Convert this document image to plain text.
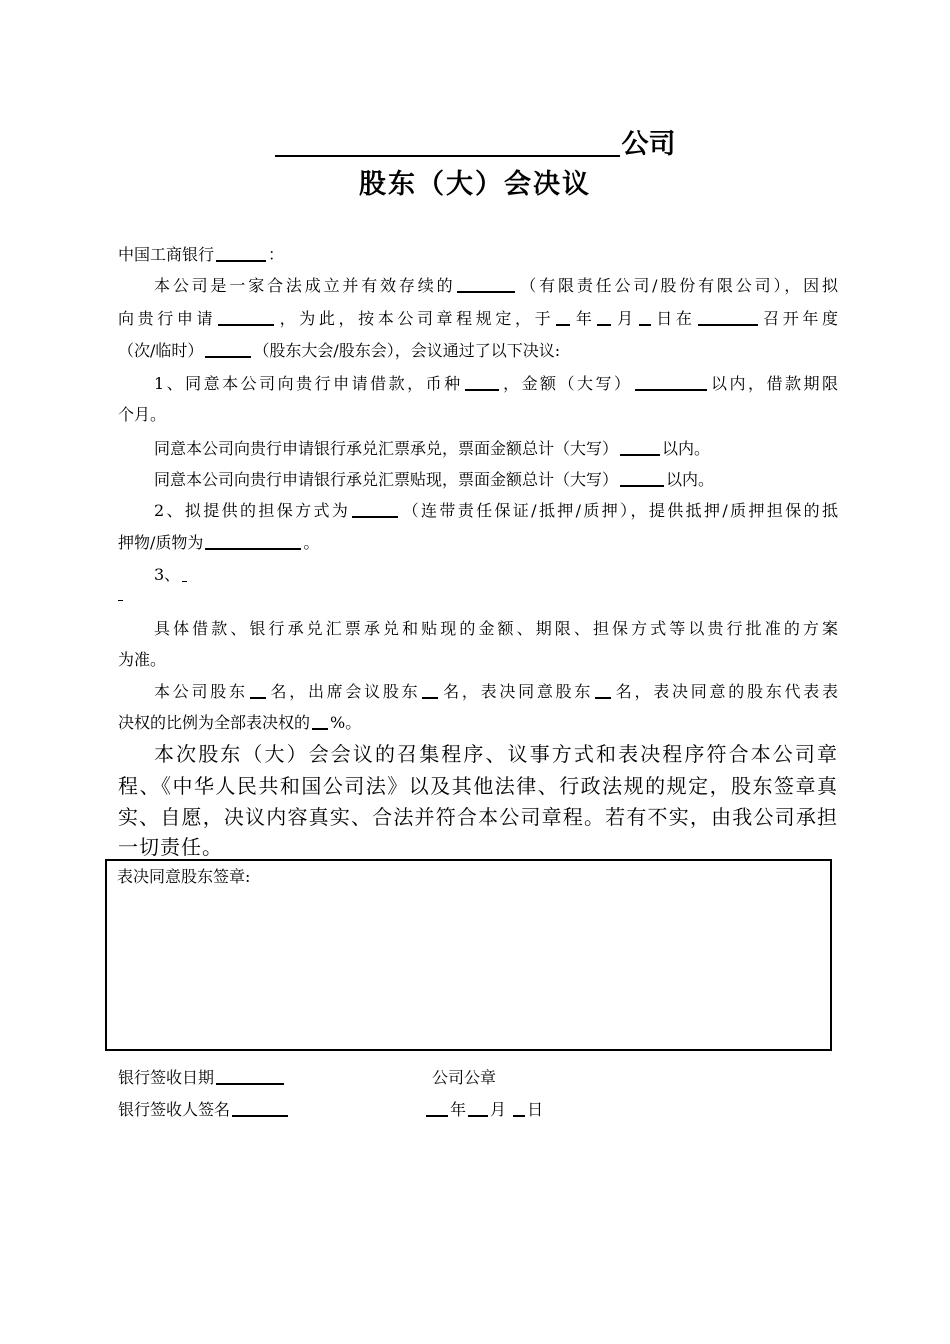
公司
股东（大）会决议
中国工商银行	：
本公司是一家合法成立并有效存续的	（有限责任公司/股份有限公司），因拟
向贵行申请	，为此，按本公司章程规定，于 年 月 日在	召开年度
（次/临时）	（股东大会/股东会），会议通过了以下决议:
1、同意本公司向贵行申请借款，币种 ，金额（大写）	以内，借款期限
个月。
同意本公司向贵行申请银行承兑汇票承兑，票面金额总计（大写）	以内。
同意本公司向贵行申请银行承兑汇票贴现，票面金额总计（大写）	以内。
2、拟提供的担保方式为	（连带责任保证/抵押/质押），提供抵押/质押担保的抵
押物/质物为	。
3、
具体借款、银行承兑汇票承兑和贴现的金额、期限、担保方式等以贵行批准的方案
为准。
本公司股东 名，出席会议股东 名，表决同意股东 名，表决同意的股东代表表
决权的比例为全部表决权的 %。
本次股东（大）会会议的召集程序、议事方式和表决程序符合本公司章
程、《中华人民共和国公司法》以及其他法律、行政法规的规定，股东签章真
实、自愿，决议内容真实、合法并符合本公司章程。若有不实，由我公司承担
一切责任。
表决同意股东签章:
银行签收日期	公司公章
银行签收人签名	年 月 日
